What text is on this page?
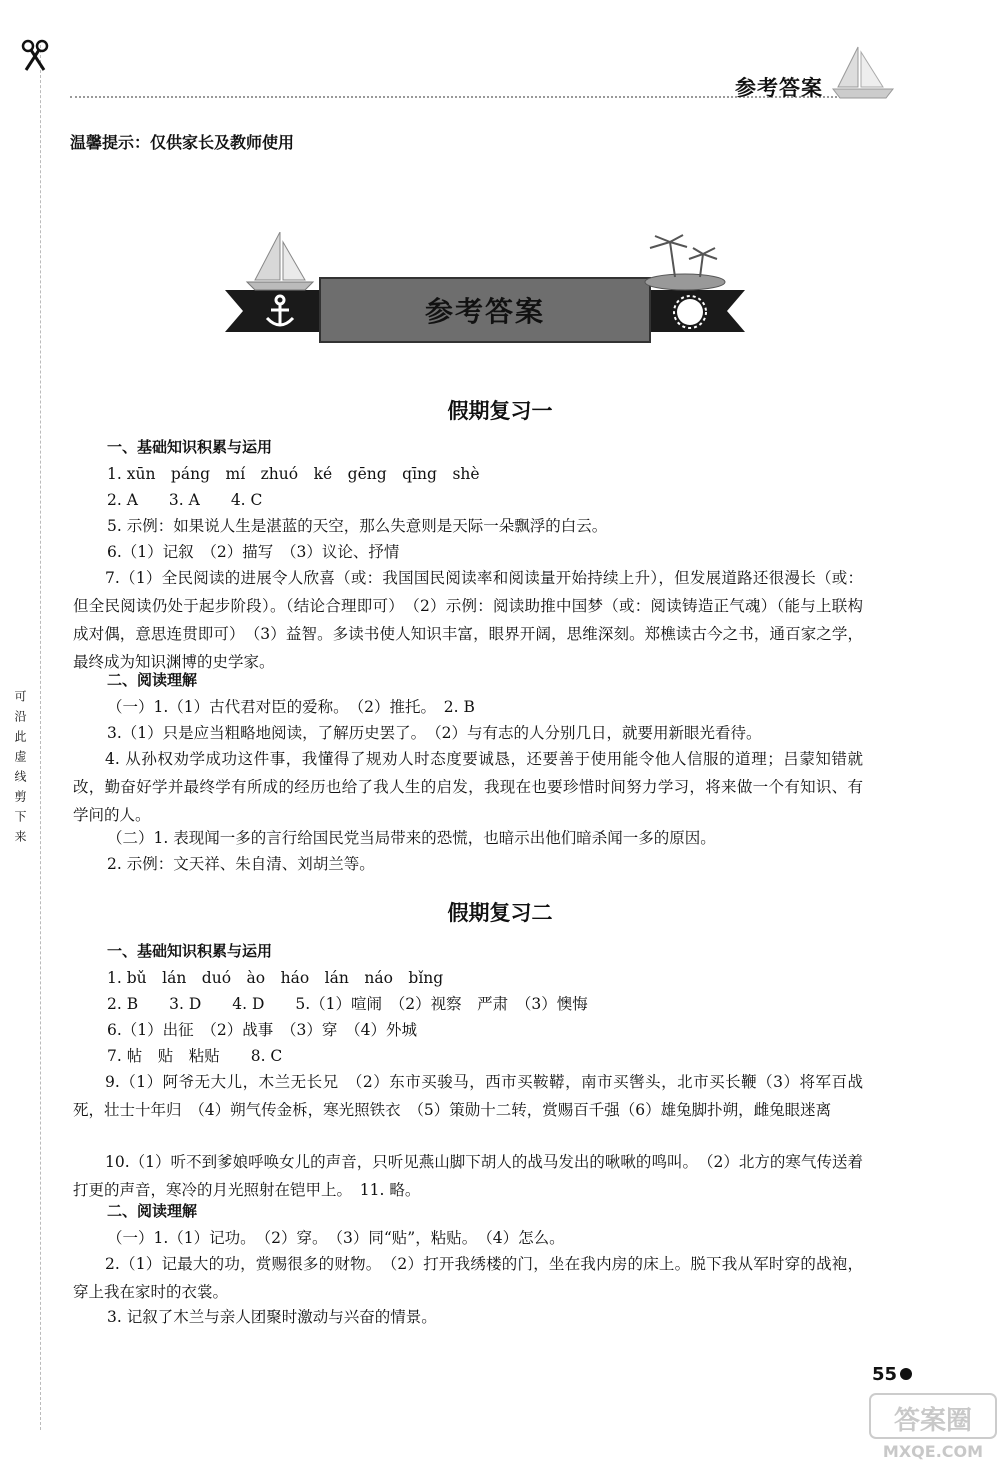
可沿此虚线剪下来
参考答案
温馨提示：仅供家长及教师使用
参考答案
假期复习一
一、基础知识积累与运用
1. xūn　páng　mí　zhuó　ké　gēng　qīng　shè
2. A　　3. A　　4. C
5. 示例：如果说人生是湛蓝的天空，那么失意则是天际一朵飘浮的白云。
6.（1）记叙　（2）描写　（3）议论、抒情
7.（1）全民阅读的进展令人欣喜（或：我国国民阅读率和阅读量开始持续上升），但发展道路还很漫长（或：但全民阅读仍处于起步阶段）。（结论合理即可）　（2）示例：阅读助推中国梦（或：阅读铸造正气魂）（能与上联构成对偶，意思连贯即可）　（3）益智。多读书使人知识丰富，眼界开阔，思维深刻。郑樵读古今之书，通百家之学，最终成为知识渊博的史学家。
二、阅读理解
（一）1.（1）古代君对臣的爱称。　（2）推托。　2. B
3.（1）只是应当粗略地阅读，了解历史罢了。　（2）与有志的人分别几日，就要用新眼光看待。
4. 从孙权劝学成功这件事，我懂得了规劝人时态度要诚恳，还要善于使用能令他人信服的道理；吕蒙知错就改，勤奋好学并最终学有所成的经历也给了我人生的启发，我现在也要珍惜时间努力学习，将来做一个有知识、有学问的人。
（二）1. 表现闻一多的言行给国民党当局带来的恐慌，也暗示出他们暗杀闻一多的原因。
2. 示例：文天祥、朱自清、刘胡兰等。
假期复习二
一、基础知识积累与运用
1. bǔ　lán　duó　ào　háo　lán　náo　bǐng
2. B　　3. D　　4. D　　5.（1）喧闹　（2）视察　严肃　（3）懊悔
6.（1）出征　（2）战事　（3）穿　（4）外城
7. 帖　贴　粘贴　　8. C
9.（1）阿爷无大儿，木兰无长兄　（2）东市买骏马，西市买鞍鞯，南市买辔头，北市买长鞭（3）将军百战死，壮士十年归　（4）朔气传金柝，寒光照铁衣　（5）策勋十二转，赏赐百千强（6）雄兔脚扑朔，雌兔眼迷离
10.（1）听不到爹娘呼唤女儿的声音，只听见燕山脚下胡人的战马发出的啾啾的鸣叫。　（2）北方的寒气传送着打更的声音，寒冷的月光照射在铠甲上。　11. 略。
二、阅读理解
（一）1.（1）记功。　（2）穿。　（3）同“贴”，粘贴。　（4）怎么。
2.（1）记最大的功，赏赐很多的财物。　（2）打开我绣楼的门，坐在我内房的床上。脱下我从军时穿的战袍，穿上我在家时的衣裳。
3. 记叙了木兰与亲人团聚时激动与兴奋的情景。
55
答案圈
MXQE.COM
